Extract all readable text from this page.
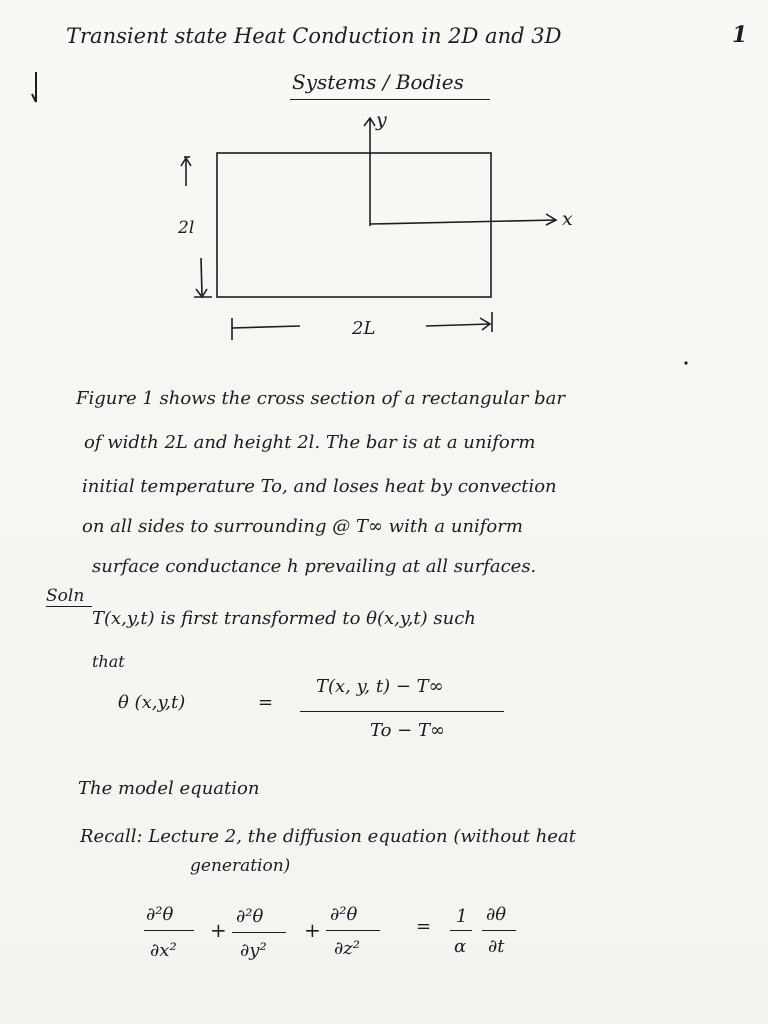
Transient state Heat Conduction in 2D and 3D	1
Systems / Bodies
y
x
2l
2L
Figure 1 shows the cross section of a rectangular bar
of width 2L and height 2l. The bar is at a uniform
initial temperature To, and loses heat by convection
on all sides to surrounding @ T∞ with a uniform
surface conductance h prevailing at all surfaces.
Soln
T(x,y,t) is first transformed to θ(x,y,t) such
that
θ (x,y,t)	=
T(x, y, t) − T∞
To − T∞
The model equation
Recall: Lecture 2, the diffusion equation (without heat
generation)
∂²θ
∂x²
+
∂²θ
∂y²
+
∂²θ
∂z²
= 1
α
∂θ
∂t
